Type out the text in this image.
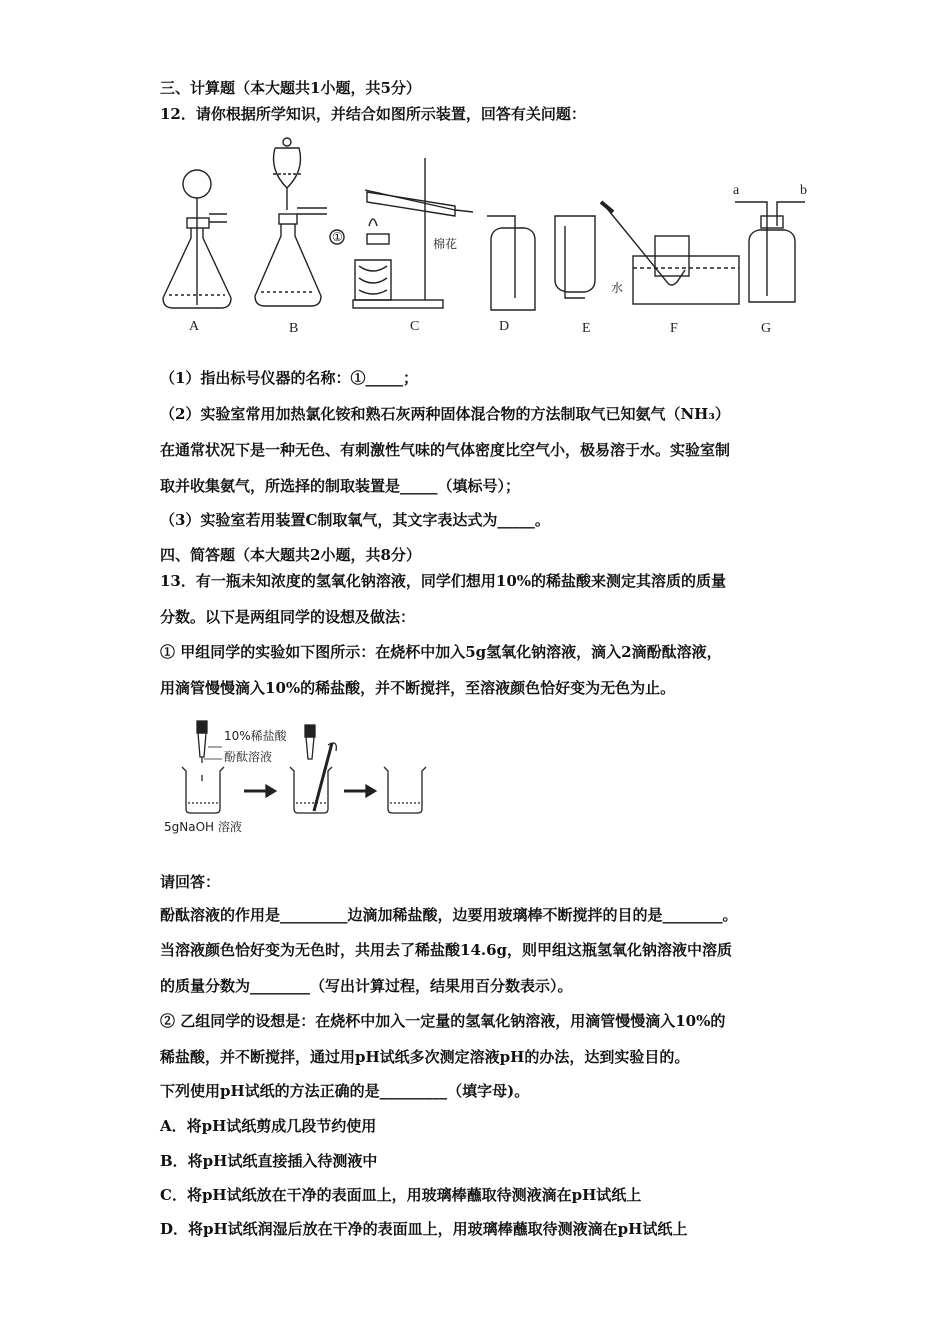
三、计算题（本大题共1小题，共5分）
12．请你根据所学知识，并结合如图所示装置，回答有关问题：
A	B
①	棉花
C	D	E
水
F
a	b
G
（1）指出标号仪器的名称：①_____；
（2）实验室常用加热氯化铵和熟石灰两种固体混合物的方法制取气已知氨气（NH₃）
在通常状况下是一种无色、有刺激性气味的气体密度比空气小，极易溶于水。实验室制
取并收集氨气，所选择的制取装置是_____（填标号）；
（3）实验室若用装置C制取氧气，其文字表达式为_____。
四、简答题（本大题共2小题，共8分）
13．有一瓶未知浓度的氢氧化钠溶液，同学们想用10%的稀盐酸来测定其溶质的质量
分数。以下是两组同学的设想及做法：
① 甲组同学的实验如下图所示：在烧杯中加入5g氢氧化钠溶液，滴入2滴酚酞溶液，
用滴管慢慢滴入10%的稀盐酸，并不断搅拌，至溶液颜色恰好变为无色为止。
10%稀盐酸
酚酞溶液
5gNaOH 溶液
请回答：
酚酞溶液的作用是_________边滴加稀盐酸，边要用玻璃棒不断搅拌的目的是________。
当溶液颜色恰好变为无色时，共用去了稀盐酸14.6g，则甲组这瓶氢氧化钠溶液中溶质
的质量分数为________（写出计算过程，结果用百分数表示）。
② 乙组同学的设想是：在烧杯中加入一定量的氢氧化钠溶液，用滴管慢慢滴入10%的
稀盐酸，并不断搅拌，通过用pH试纸多次测定溶液pH的办法，达到实验目的。
下列使用pH试纸的方法正确的是_________（填字母)。
A．将pH试纸剪成几段节约使用
B．将pH试纸直接插入待测液中
C．将pH试纸放在干净的表面皿上，用玻璃棒蘸取待测液滴在pH试纸上
D．将pH试纸润湿后放在干净的表面皿上，用玻璃棒蘸取待测液滴在pH试纸上
